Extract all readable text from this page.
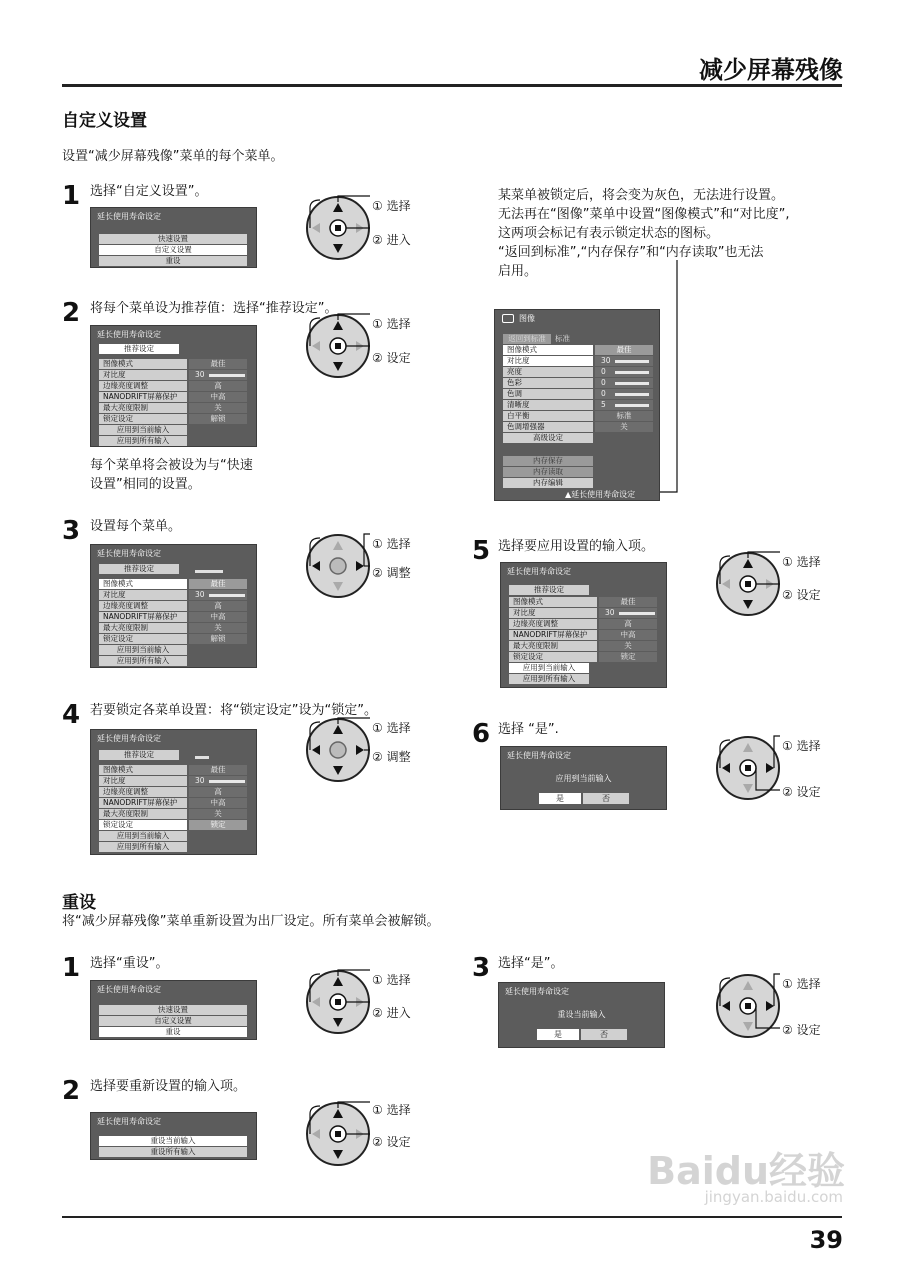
减少屏幕残像
自定义设置
设置“减少屏幕残像”菜单的每个菜单。
1 选择“自定义设置”。
延长使用寿命设定
快速设置
自定义设置
重设
① 选择
② 进入
2 将每个菜单设为推荐值：选择“推荐设定”。
延长使用寿命设定
推荐设定
图像模式	最佳
对比度	30
边缘亮度调整	高
NANODRIFT屏幕保护	中高
最大亮度限制	关
锁定设定	解锁
应用到当前输入
应用到所有输入
① 选择
② 设定
每个菜单将会被设为与“快速
设置”相同的设置。
3 设置每个菜单。
延长使用寿命设定
推荐设定
图像模式	最佳
对比度	30
边缘亮度调整	高
NANODRIFT屏幕保护	中高
最大亮度限制	关
锁定设定	解锁
应用到当前输入
应用到所有输入
① 选择
② 调整
4 若要锁定各菜单设置：将“锁定设定”设为“锁定”。
延长使用寿命设定
推荐设定
图像模式	最佳
对比度	30
边缘亮度调整	高
NANODRIFT屏幕保护	中高
最大亮度限制	关
锁定设定	锁定
应用到当前输入
应用到所有输入
① 选择
② 调整
某菜单被锁定后，将会变为灰色，无法进行设置。
无法再在“图像”菜单中设置“图像模式”和“对比度”,
这两项会标记有表示锁定状态的图标。
“返回到标准”,“内存保存”和“内存读取”也无法
启用。
图像
返回到标准	标准
图像模式	最佳
对比度	30
亮度	0
色彩	0
色调	0
清晰度	5
白平衡	标准
色调增强器	关
高级设定
内存保存
内存读取
内存编辑
▲延长使用寿命设定
5 选择要应用设置的输入项。
延长使用寿命设定
推荐设定
图像模式	最佳
对比度	30
边缘亮度调整	高
NANODRIFT屏幕保护	中高
最大亮度限制	关
锁定设定	锁定
应用到当前输入
应用到所有输入
① 选择
② 设定
6 选择 “是”.
延长使用寿命设定
应用到当前输入
是	否
① 选择
② 设定
重设
将“减少屏幕残像”菜单重新设置为出厂设定。所有菜单会被解锁。
1 选择“重设”。
延长使用寿命设定
快速设置
自定义设置
重设
① 选择
② 进入
2 选择要重新设置的输入项。
延长使用寿命设定
重设当前输入
重设所有输入
① 选择
② 设定
3 选择“是”。
延长使用寿命设定
重设当前输入
是	否
① 选择
② 设定
Baidu经验
jingyan.baidu.com
39
